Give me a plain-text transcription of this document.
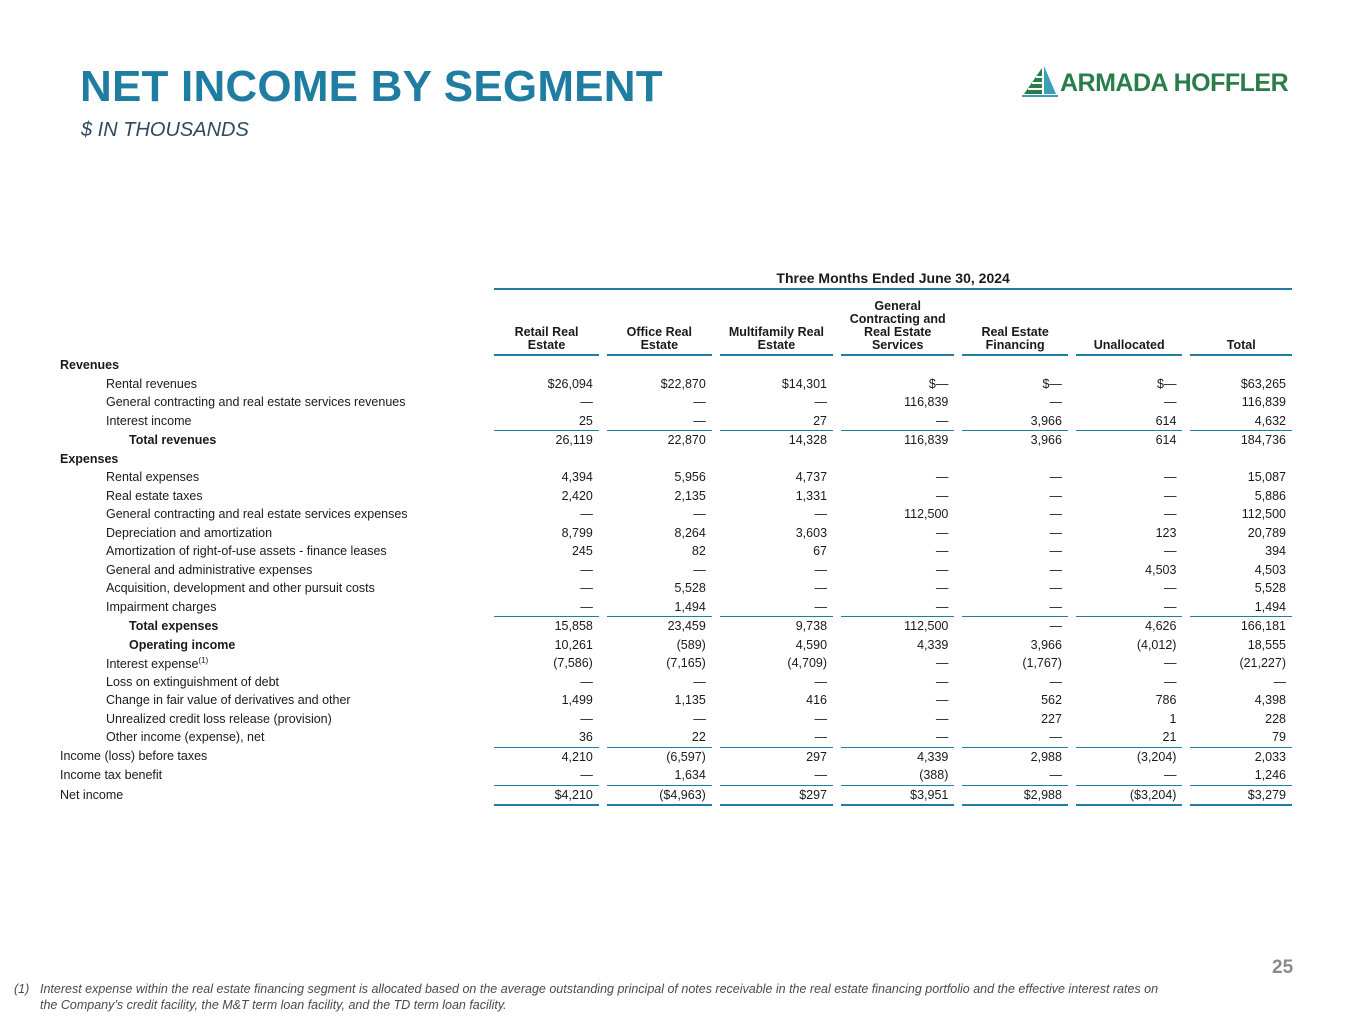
NET INCOME BY SEGMENT
$ IN THOUSANDS
ARMADA HOFFLER
	Three Months Ended June 30, 2024						
	Retail Real
Estate	Office Real
Estate	Multifamily Real
Estate	General
Contracting and
Real Estate
Services	Real Estate
Financing	Unallocated	Total
Revenues							
Rental revenues	$26,094	$22,870	$14,301	$—	$—	$—	$63,265
General contracting and real estate services revenues	—	—	—	116,839	—	—	116,839
Interest income	25	—	27	—	3,966	614	4,632
Total revenues	26,119	22,870	14,328	116,839	3,966	614	184,736
Expenses							
Rental expenses	4,394	5,956	4,737	—	—	—	15,087
Real estate taxes	2,420	2,135	1,331	—	—	—	5,886
General contracting and real estate services expenses	—	—	—	112,500	—	—	112,500
Depreciation and amortization	8,799	8,264	3,603	—	—	123	20,789
Amortization of right-of-use assets - finance leases	245	82	67	—	—	—	394
General and administrative expenses	—	—	—	—	—	4,503	4,503
Acquisition, development and other pursuit costs	—	5,528	—	—	—	—	5,528
Impairment charges	—	1,494	—	—	—	—	1,494
Total expenses	15,858	23,459	9,738	112,500	—	4,626	166,181
Operating income	10,261	(589)	4,590	4,339	3,966	(4,012)	18,555
Interest expense$^{(1)}$	(7,586)	(7,165)	(4,709)	—	(1,767)	—	(21,227)
Loss on extinguishment of debt	—	—	—	—	—	—	—
Change in fair value of derivatives and other	1,499	1,135	416	—	562	786	4,398
Unrealized credit loss release (provision)	—	—	—	—	227	1	228
Other income (expense), net	36	22	—	—	—	21	79
Income (loss) before taxes	4,210	(6,597)	297	4,339	2,988	(3,204)	2,033
Income tax benefit	—	1,634	—	(388)	—	—	1,246
Net income	$4,210	($4,963)	$297	$3,951	$2,988	($3,204)	$3,279
25
(1) Interest expense within the real estate financing segment is allocated based on the average outstanding principal of notes receivable in the real estate financing portfolio and the effective interest rates on the Company’s credit facility, the M&T term loan facility, and the TD term loan facility.
